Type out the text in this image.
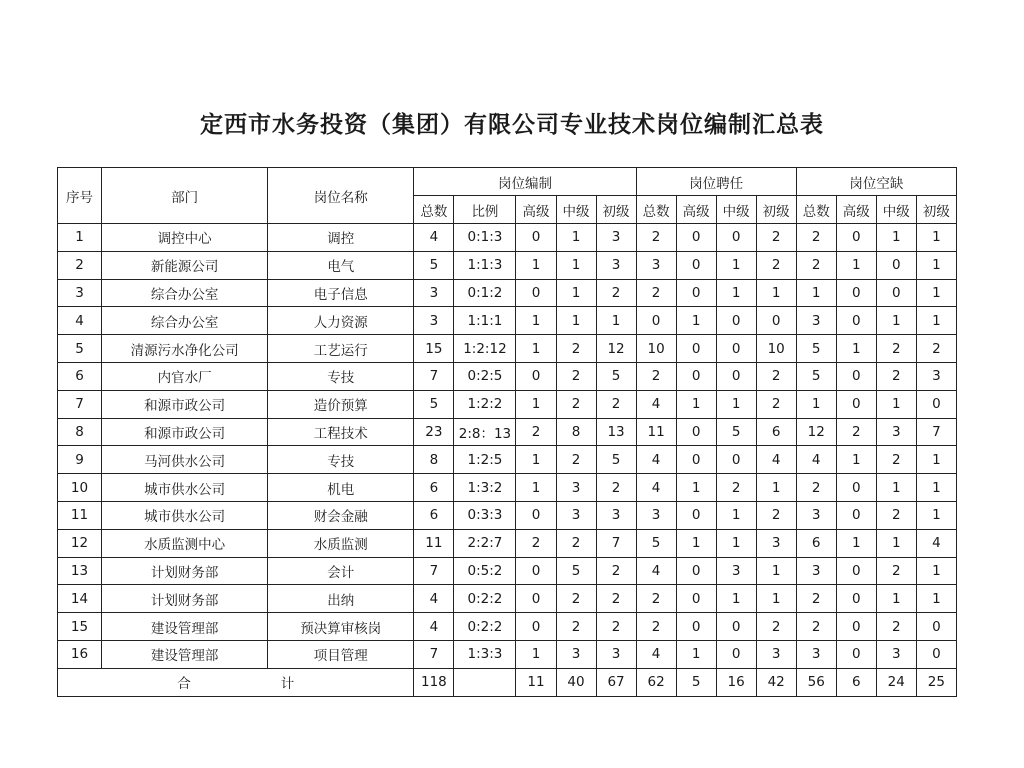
定西市水务投资（集团）有限公司专业技术岗位编制汇总表
序号	部门	岗位名称	岗位编制					岗位聘任				岗位空缺			
			总数	比例	高级	中级	初级	总数	高级	中级	初级	总数	高级	中级	初级
1	调控中心	调控	4	0:1:3	0	1	3	2	0	0	2	2	0	1	1
2	新能源公司	电气	5	1:1:3	1	1	3	3	0	1	2	2	1	0	1
3	综合办公室	电子信息	3	0:1:2	0	1	2	2	0	1	1	1	0	0	1
4	综合办公室	人力资源	3	1:1:1	1	1	1	0	1	0	0	3	0	1	1
5	清源污水净化公司	工艺运行	15	1:2:12	1	2	12	10	0	0	10	5	1	2	2
6	内官水厂	专技	7	0:2:5	0	2	5	2	0	0	2	5	0	2	3
7	和源市政公司	造价预算	5	1:2:2	1	2	2	4	1	1	2	1	0	1	0
8	和源市政公司	工程技术	23	2:8：13	2	8	13	11	0	5	6	12	2	3	7
9	马河供水公司	专技	8	1:2:5	1	2	5	4	0	0	4	4	1	2	1
10	城市供水公司	机电	6	1:3:2	1	3	2	4	1	2	1	2	0	1	1
11	城市供水公司	财会金融	6	0:3:3	0	3	3	3	0	1	2	3	0	2	1
12	水质监测中心	水质监测	11	2:2:7	2	2	7	5	1	1	3	6	1	1	4
13	计划财务部	会计	7	0:5:2	0	5	2	4	0	3	1	3	0	2	1
14	计划财务部	出纳	4	0:2:2	0	2	2	2	0	1	1	2	0	1	1
15	建设管理部	预决算审核岗	4	0:2:2	0	2	2	2	0	0	2	2	0	2	0
16	建设管理部	项目管理	7	1:3:3	1	3	3	4	1	0	3	3	0	3	0
合 计			118		11	40	67	62	5	16	42	56	6	24	25
